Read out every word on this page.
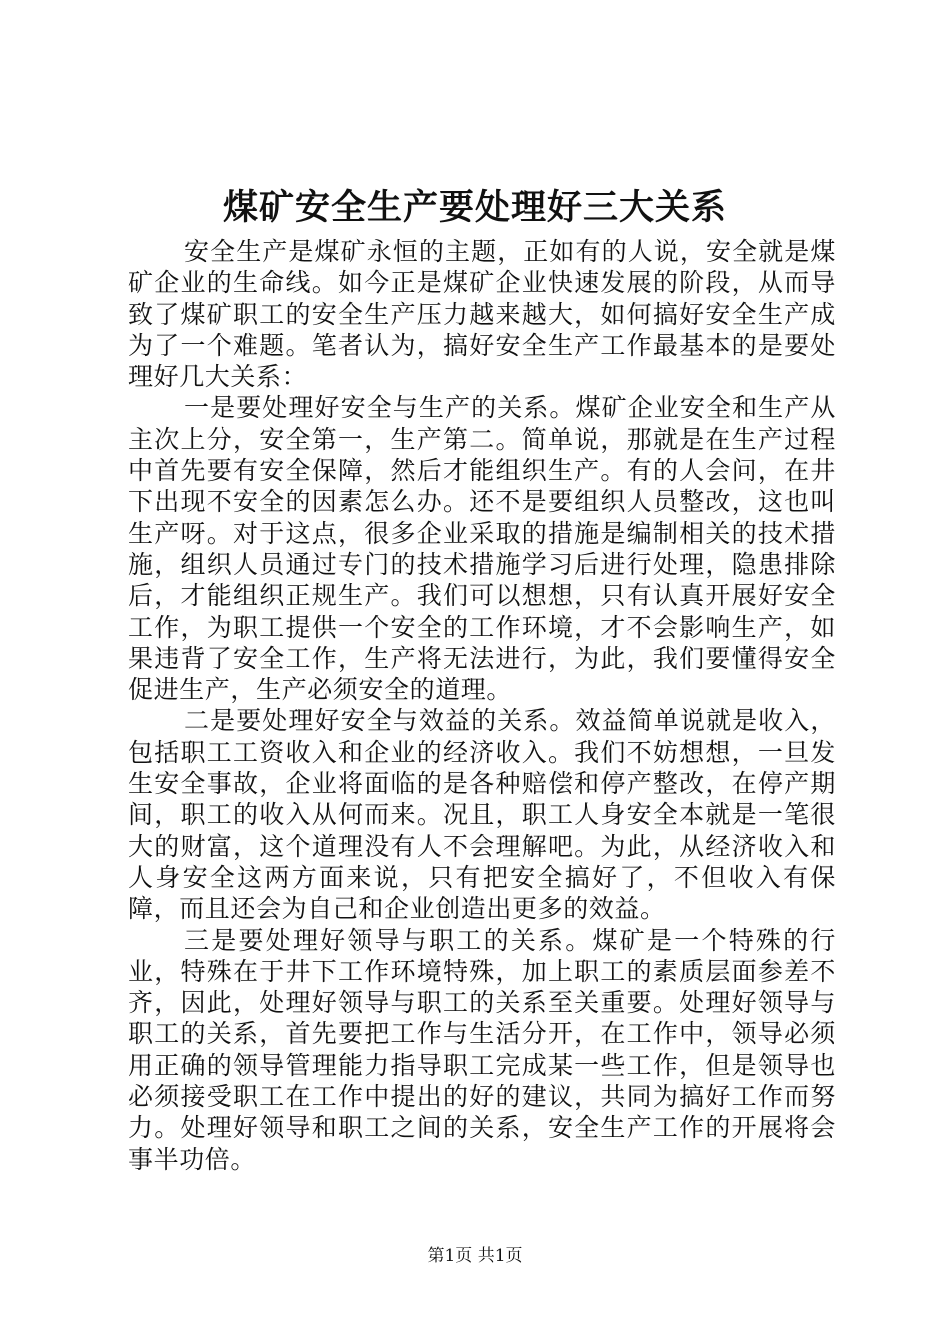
煤矿安全生产要处理好三大关系

安全生产是煤矿永恒的主题，正如有的人说，安全就是煤矿企业的生命线。如今正是煤矿企业快速发展的阶段，从而导致了煤矿职工的安全生产压力越来越大，如何搞好安全生产成为了一个难题。笔者认为，搞好安全生产工作最基本的是要处理好几大关系：

一是要处理好安全与生产的关系。煤矿企业安全和生产从主次上分，安全第一，生产第二。简单说，那就是在生产过程中首先要有安全保障，然后才能组织生产。有的人会问，在井下出现不安全的因素怎么办。还不是要组织人员整改，这也叫生产呀。对于这点，很多企业采取的措施是编制相关的技术措施，组织人员通过专门的技术措施学习后进行处理，隐患排除后，才能组织正规生产。我们可以想想，只有认真开展好安全工作，为职工提供一个安全的工作环境，才不会影响生产，如果违背了安全工作，生产将无法进行，为此，我们要懂得安全促进生产，生产必须安全的道理。

二是要处理好安全与效益的关系。效益简单说就是收入，包括职工工资收入和企业的经济收入。我们不妨想想，一旦发生安全事故，企业将面临的是各种赔偿和停产整改，在停产期间，职工的收入从何而来。况且，职工人身安全本就是一笔很大的财富，这个道理没有人不会理解吧。为此，从经济收入和人身安全这两方面来说，只有把安全搞好了，不但收入有保障，而且还会为自己和企业创造出更多的效益。

三是要处理好领导与职工的关系。煤矿是一个特殊的行业，特殊在于井下工作环境特殊，加上职工的素质层面参差不齐，因此，处理好领导与职工的关系至关重要。处理好领导与职工的关系，首先要把工作与生活分开，在工作中，领导必须用正确的领导管理能力指导职工完成某一些工作，但是领导也必须接受职工在工作中提出的好的建议，共同为搞好工作而努力。处理好领导和职工之间的关系，安全生产工作的开展将会事半功倍。

第1页 共1页
